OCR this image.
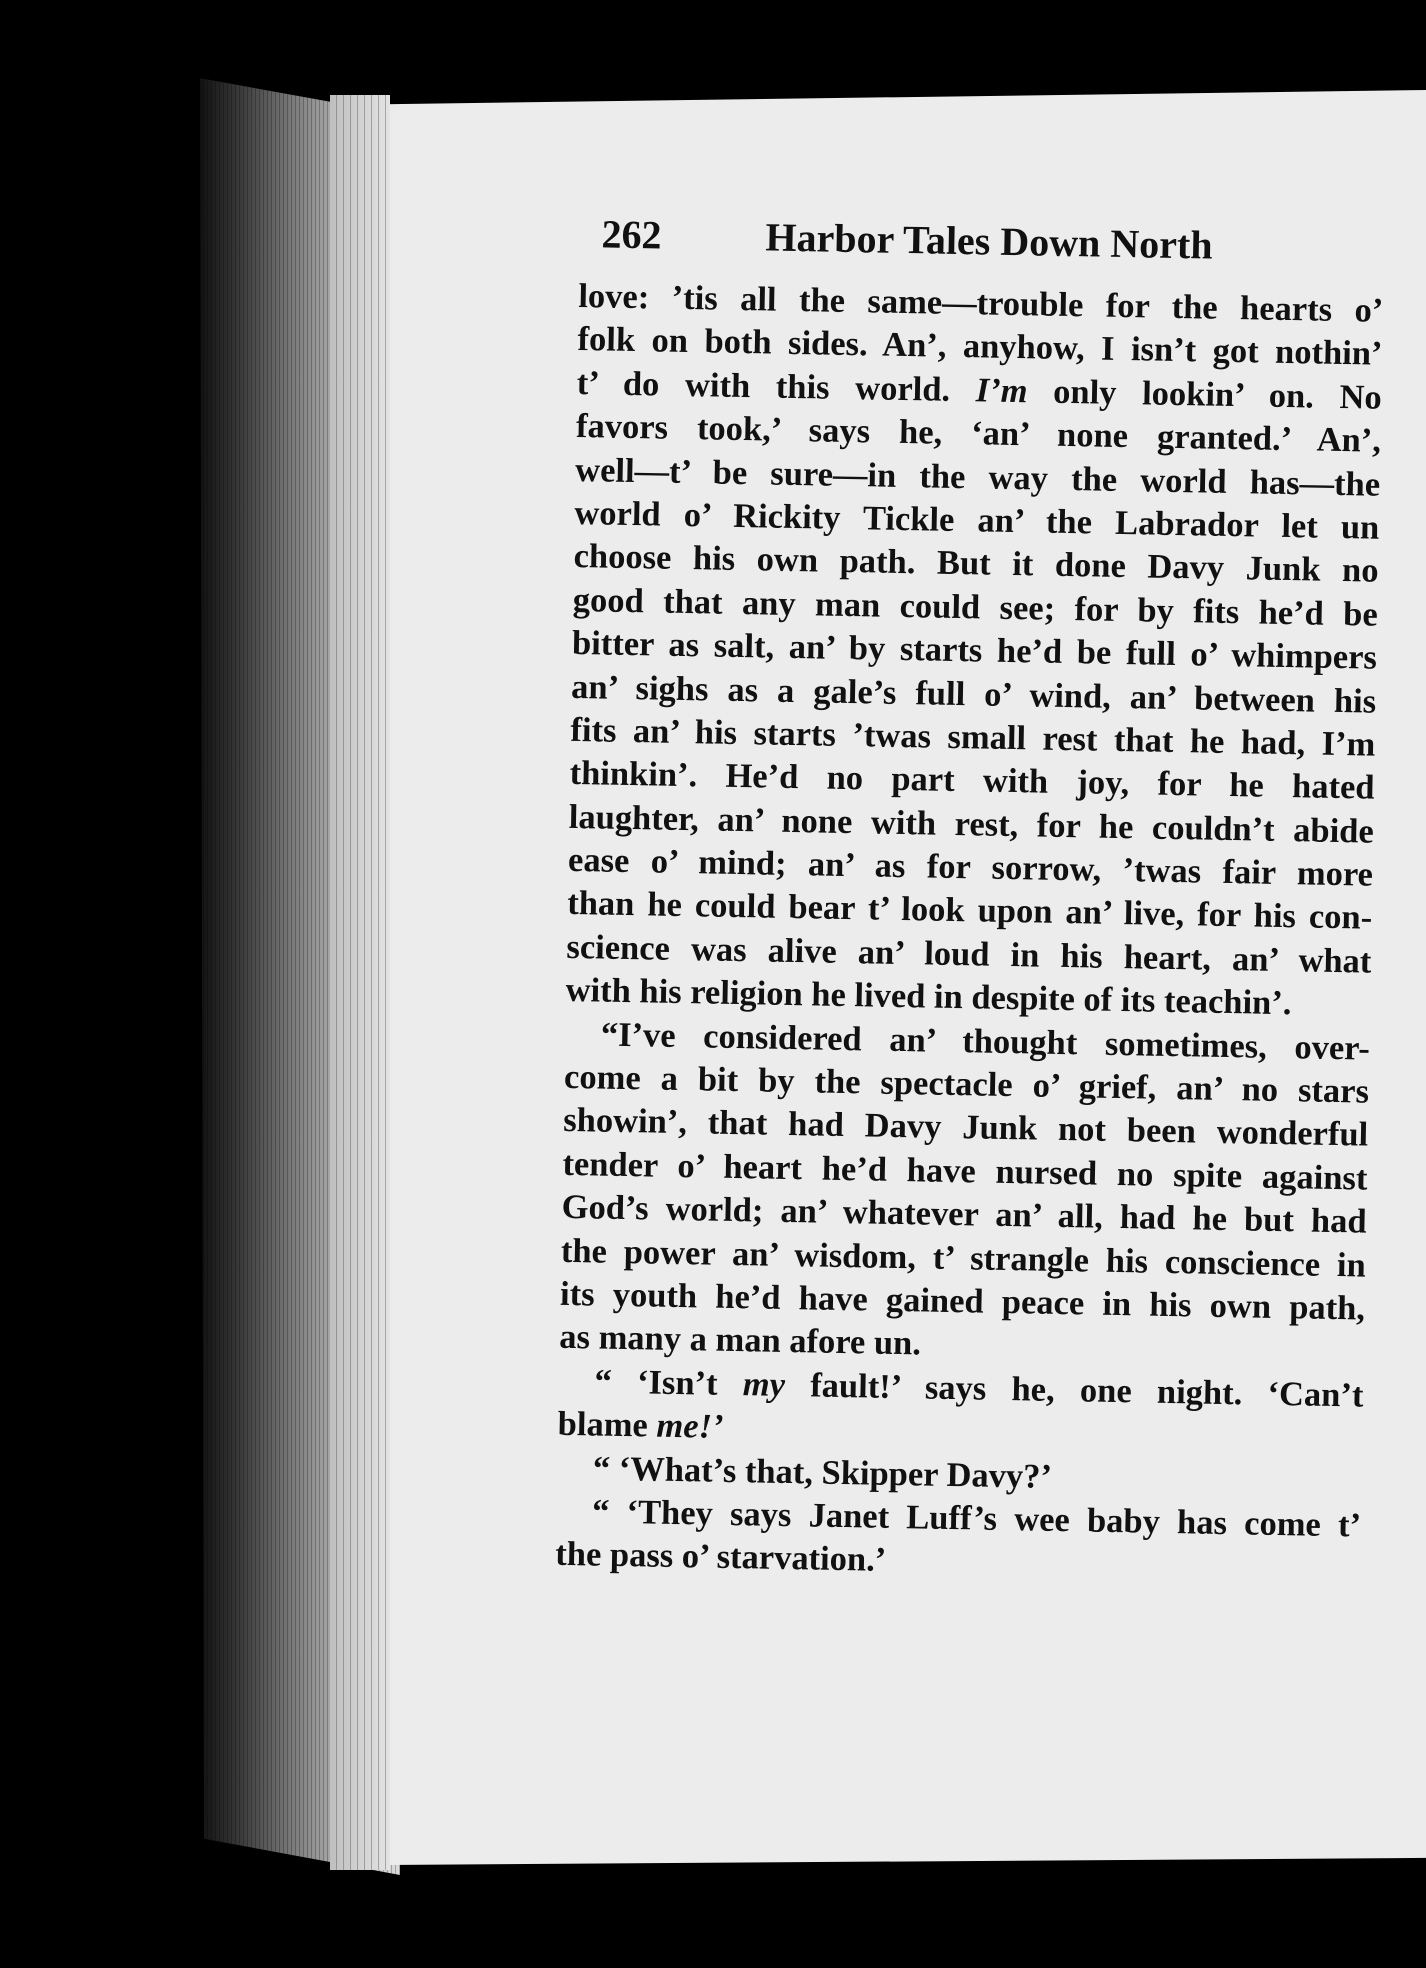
262	Harbor Tales Down North
love: ’tis all the same—trouble for the hearts o’
folk on both sides. An’, anyhow, I isn’t got nothin’
t’ do with this world. I’m only lookin’ on. No
favors took,’ says he, ‘an’ none granted.’ An’,
well—t’ be sure—in the way the world has—the
world o’ Rickity Tickle an’ the Labrador let un
choose his own path. But it done Davy Junk no
good that any man could see; for by fits he’d be
bitter as salt, an’ by starts he’d be full o’ whimpers
an’ sighs as a gale’s full o’ wind, an’ between his
fits an’ his starts ’twas small rest that he had, I’m
thinkin’. He’d no part with joy, for he hated
laughter, an’ none with rest, for he couldn’t abide
ease o’ mind; an’ as for sorrow, ’twas fair more
than he could bear t’ look upon an’ live, for his con-
science was alive an’ loud in his heart, an’ what
with his religion he lived in despite of its teachin’.
“I’ve considered an’ thought sometimes, over-
come a bit by the spectacle o’ grief, an’ no stars
showin’, that had Davy Junk not been wonderful
tender o’ heart he’d have nursed no spite against
God’s world; an’ whatever an’ all, had he but had
the power an’ wisdom, t’ strangle his conscience in
its youth he’d have gained peace in his own path,
as many a man afore un.
“ ‘Isn’t my fault!’ says he, one night. ‘Can’t
blame me!’
“ ‘What’s that, Skipper Davy?’
“ ‘They says Janet Luff’s wee baby has come t’
the pass o’ starvation.’
